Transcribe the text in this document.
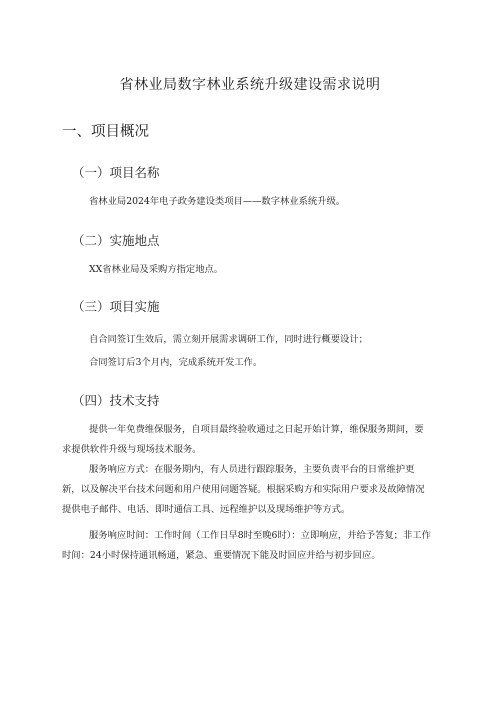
省林业局数字林业系统升级建设需求说明
一、项目概况
（一）项目名称
省林业局2024年电子政务建设类项目——数字林业系统升级。
（二）实施地点
XX省林业局及采购方指定地点。
（三）项目实施
自合同签订生效后，需立刻开展需求调研工作，同时进行概要设计；
合同签订后3个月内，完成系统开发工作。
（四）技术支持
提供一年免费维保服务，自项目最终验收通过之日起开始计算，维保服务期间，要求提供软件升级与现场技术服务。
服务响应方式：在服务期内，有人员进行跟踪服务，主要负责平台的日常维护更新，以及解决平台技术问题和用户使用问题答疑。根据采购方和实际用户要求及故障情况提供电子邮件、电话、即时通信工具、远程维护以及现场维护等方式。
服务响应时间：工作时间（工作日早8时至晚6时）：立即响应，并给予答复；非工作时间：24小时保持通讯畅通，紧急、重要情况下能及时回应并给与初步回应。
